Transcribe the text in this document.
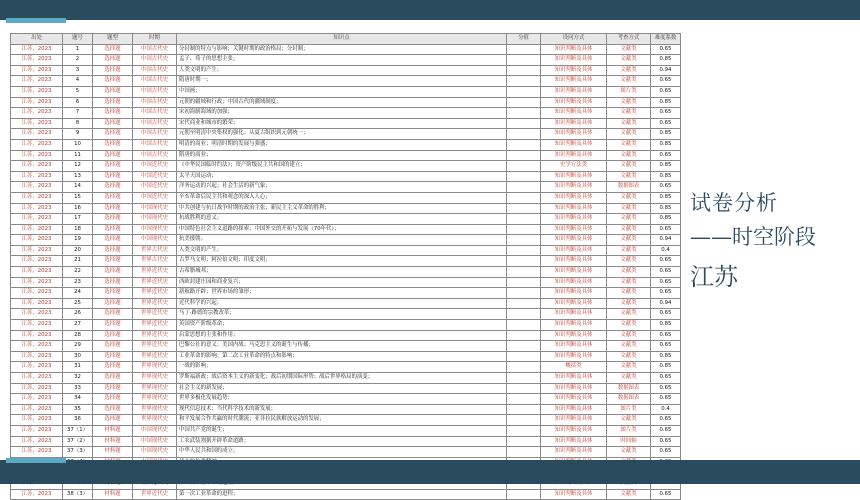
出处	题号	题型	时期	知识点	分值	设问方式	考查方式	难度系数
江苏，2023	1	选择题	中国古代史	分封制的特点与影响；关键时期的政治格局；分封制；		知识判断及具体	文献类	0.65
江苏，2023	2	选择题	中国古代史	孟子、荀子的思想主张；		知识判断及具体	文献类	0.85
江苏，2023	3	选择题	中国古代史	人类文明的产生；		知识判断及具体	文献类	0.94
江苏，2023	4	选择题	中国古代史	隋唐时期一；		知识判断及具体	文献类	0.65
江苏，2023	5	选择题	中国古代史	中国画；		知识判断及具体	图片类	0.65
江苏，2023	6	选择题	中国古代史	元朝的疆域和行政；中国古代的疆域制度；		知识判断及具体	文献类	0.85
江苏，2023	7	选择题	中国古代史	宋初海制海域的加强；		知识判断及具体	文献类	0.65
江苏，2023	8	选择题	中国古代史	宋代商业和城市的繁荣；		知识判断及具体	文献类	0.65
江苏，2023	9	选择题	中国古代史	元朝至明清中央集权的强化；从夏古组织到元朝统一；		知识判断及具体	文献类	0.85
江苏，2023	10	选择题	中国古代史	明清的商业；明清时期的发展与强盛；		知识判断及具体	文献类	0.85
江苏，2023	11	选择题	中国古代史	隋唐的商业；		知识判断及具体	文献类	0.65
江苏，2023	12	选择题	中国近代史	《中华民国临时约法》；资产阶级民主共和国的建立；		史学方法类	文献类	0.85
江苏，2023	13	选择题	中国近代史	太平天国运动；		知识判断及具体	文献类	0.85
江苏，2023	14	选择题	中国近代史	洋务运动的兴起；社会生活的新气象；		知识判断及具体	数据图表	0.65
江苏，2023	15	选择题	中国近代史	辛亥革命后民主共和观念的深入人心；		知识判断及具体	文献类	0.85
江苏，2023	16	选择题	中国现代史	中共创建与抗日战争时期的政治主张；新民主主义革命的胜利；		知识判断及具体	文献类	0.85
江苏，2023	17	选择题	中国现代史	抗战胜利的意义；		知识判断及具体	文献类	0.85
江苏，2023	18	选择题	中国现代史	中国特色社会主义道路的探索；中国外交的开拓与发展（70年代）；		知识判断及具体	文献类	0.65
江苏，2023	19	选择题	中国现代史	抗美援朝；		知识判断及具体	文献类	0.94
江苏，2023	20	选择题	世界古代史	人类文明的产生；		知识判断及具体	文献类	0.4
江苏，2023	21	选择题	世界古代史	古罗马文明；阿拉伯文明；印度文明；		知识判断及具体	文献类	0.65
江苏，2023	22	选择题	世界近代史	古希腊城邦；		知识判断及具体	文献类	0.65
江苏，2023	23	选择题	世界近代史	西欧封建庄园和商业复兴；		知识判断及具体	文献类	0.65
江苏，2023	24	选择题	世界近代史	新航路开辟；世界市场的雏形；		知识判断及具体	文献类	0.65
江苏，2023	25	选择题	世界近代史	近代科学的兴起；		知识判断及具体	文献类	0.94
江苏，2023	26	选择题	世界近代史	马丁·路德的宗教改革；		知识判断及具体	文献类	0.65
江苏，2023	27	选择题	世界近代史	英国资产阶级革命；		知识判断及具体	文献类	0.85
江苏，2023	28	选择题	世界近代史	启蒙思想的主张和作用；		知识判断及具体	文献类	0.65
江苏，2023	29	选择题	世界近代史	巴黎公社的意义；美国内战；马克思主义的诞生与传播；		知识判断及具体	文献类	0.65
江苏，2023	30	选择题	世界近代史	工业革命的影响；第二次工业革命的特点和影响；		知识判断及具体	文献类	0.85
江苏，2023	31	选择题	世界现代史	一战的影响；		概括类	文献类	0.85
江苏，2023	32	选择题	世界现代史	罗斯福新政；战后资本主义的新变化；战后初期国际形势；战后世界格局的演变；		知识判断及具体	文献类	0.65
江苏，2023	33	选择题	世界现代史	社会主义的新发展；		知识判断及具体	数据图表	0.65
江苏，2023	34	选择题	世界现代史	世界多极化发展趋势；		知识判断及具体	数据图表	0.65
江苏，2023	35	选择题	世界现代史	现代信息技术；当代科学技术的新发展；		知识判断及具体	图片类	0.4
江苏，2023	36	选择题	世界现代史	和平发展合作共赢的时代潮流；亚非拉民族解放运动的发展；		知识判断及具体	文献类	0.65
江苏，2023	37（1）	材料题	中国现代史	中国共产党的诞生；		知识判断及具体	图片类	0.65
江苏，2023	37（2）	材料题	中国现代史	工农武装割据开辟革命道路；		知识判断及具体	时间轴	0.65
江苏，2023	37（3）	材料题	中国现代史	中华人民共和国的成立；		知识判断及具体	文献类	0.65

江苏，2023	38（3）	材料题	世界近代史	第一次工业革命的进程；		知识判断及具体	文献类	0.65
试卷分析
——时空阶段
江苏
